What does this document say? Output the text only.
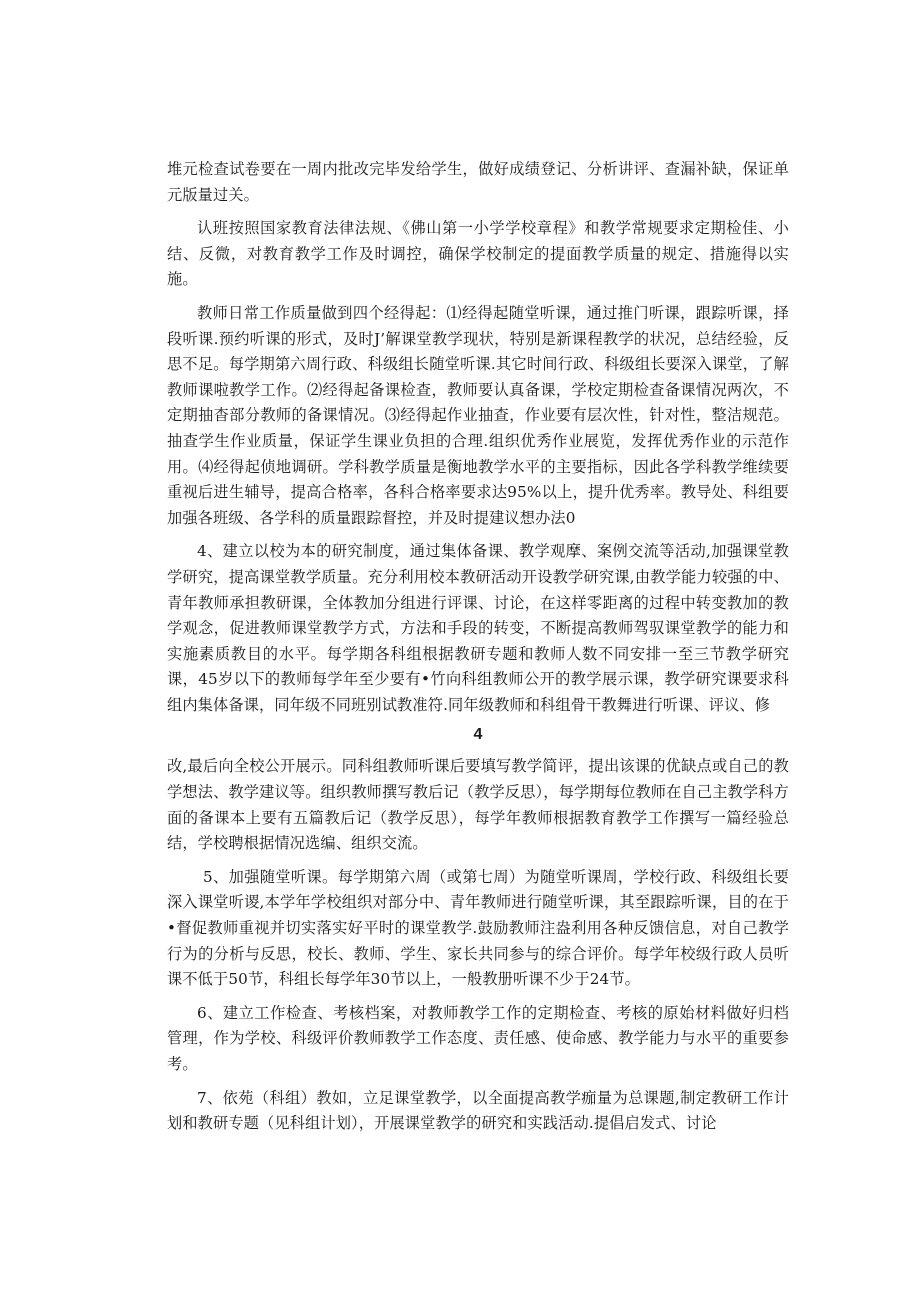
堆元检查试卷要在一周内批改完毕发给学生，做好成绩登记、分析讲评、查漏补缺，保证单元版量过关。

认班按照国家教育法律法规、《佛山第一小学学校章程》和教学常规要求定期检佳、小结、反微，对教育教学工作及时调控，确保学校制定的提面教学质量的规定、措施得以实施。

教师日常工作质量做到四个经得起：⑴经得起随堂听课，通过推门听课，跟踪听课，择段听课.预约听课的形式，及时J’解课堂教学现状，特别是新课程教学的状况，总结经验，反思不足。每学期第六周行政、科级组长随堂听课.其它时间行政、科级组长要深入课堂，了解教师课啦教学工作。⑵经得起备课检查，教师要认真备课，学校定期检查备课情况两次，不定期抽杳部分教师的备课情况。⑶经得起作业抽查，作业要有层次性，针对性，整洁规范。抽查学生作业质量，保证学生课业负担的合理.组织优秀作业展览，发挥优秀作业的示范作用。⑷经得起侦地调研。学科教学质量是衡地教学水平的主要指标，因此各学科教学维续要重视后进生辅导，提高合格率，各科合格率要求达95%以上，提升优秀率。教导处、科组要加强各班级、各学科的质量跟踪督控，并及时提建议想办法0

4、建立以校为本的研究制度，通过集体备课、教学观摩、案例交流等活动,加强课堂教学研究，提高课堂教学质量。充分利用校本教研活动开设教学研究课,由教学能力较强的中、青年教师承担教研课，全体教加分组进行评课、讨论，在这样零距离的过程中转变教加的教学观念，促进教师课堂教学方式，方法和手段的转变，不断提高教师驾驭课堂教学的能力和实施素质教目的水平。每学期各科组根据教研专题和教师人数不同安排一至三节教学研究课，45岁以下的教师每学年至少要有•竹向科组教师公开的教学展示课，教学研究课要求科组内集体备课，同年级不同班别试教准符.同年级教师和科组骨干教舞进行听课、评议、修

4

改,最后向全校公开展示。同科组教师听课后要填写教学简评，提出该课的优缺点或自己的教学想法、教学建议等。组织教师撰写教后记（教学反思），每学期每位教师在自己主教学科方面的备课本上要有五篇教后记（教学反思），每学年教师根据教育教学工作撰写一篇经验总结，学校聘根据情况选编、组织交流。

5、加强随堂听课。每学期第六周（或第七周）为随堂听课周，学校行政、科级组长要深入课堂听谡,本学年学校组织对部分中、青年教师进行随堂听课，其至跟踪听课，目的在于•督促教师重视并切实落实好平时的课堂教学.鼓励教师注盎利用各种反馈信息，对自己教学行为的分析与反思，校长、教师、学生、家长共同参与的综合评价。每学年校级行政人员听课不低于50节，科组长每学年30节以上，一般教册听课不少于24节。

6、建立工作检查、考核档案，对教师教学工作的定期检查、考核的原始材料做好归档管理，作为学校、科级评价教师教学工作态度、责任感、使命感、教学能力与水平的重要参考。

7、依苑（科组）教如，立足课堂教学，以全面提高教学痂量为总课题,制定教研工作计划和教研专题（见科组计划），开展课堂教学的研究和实践活动.提倡启发式、讨论
